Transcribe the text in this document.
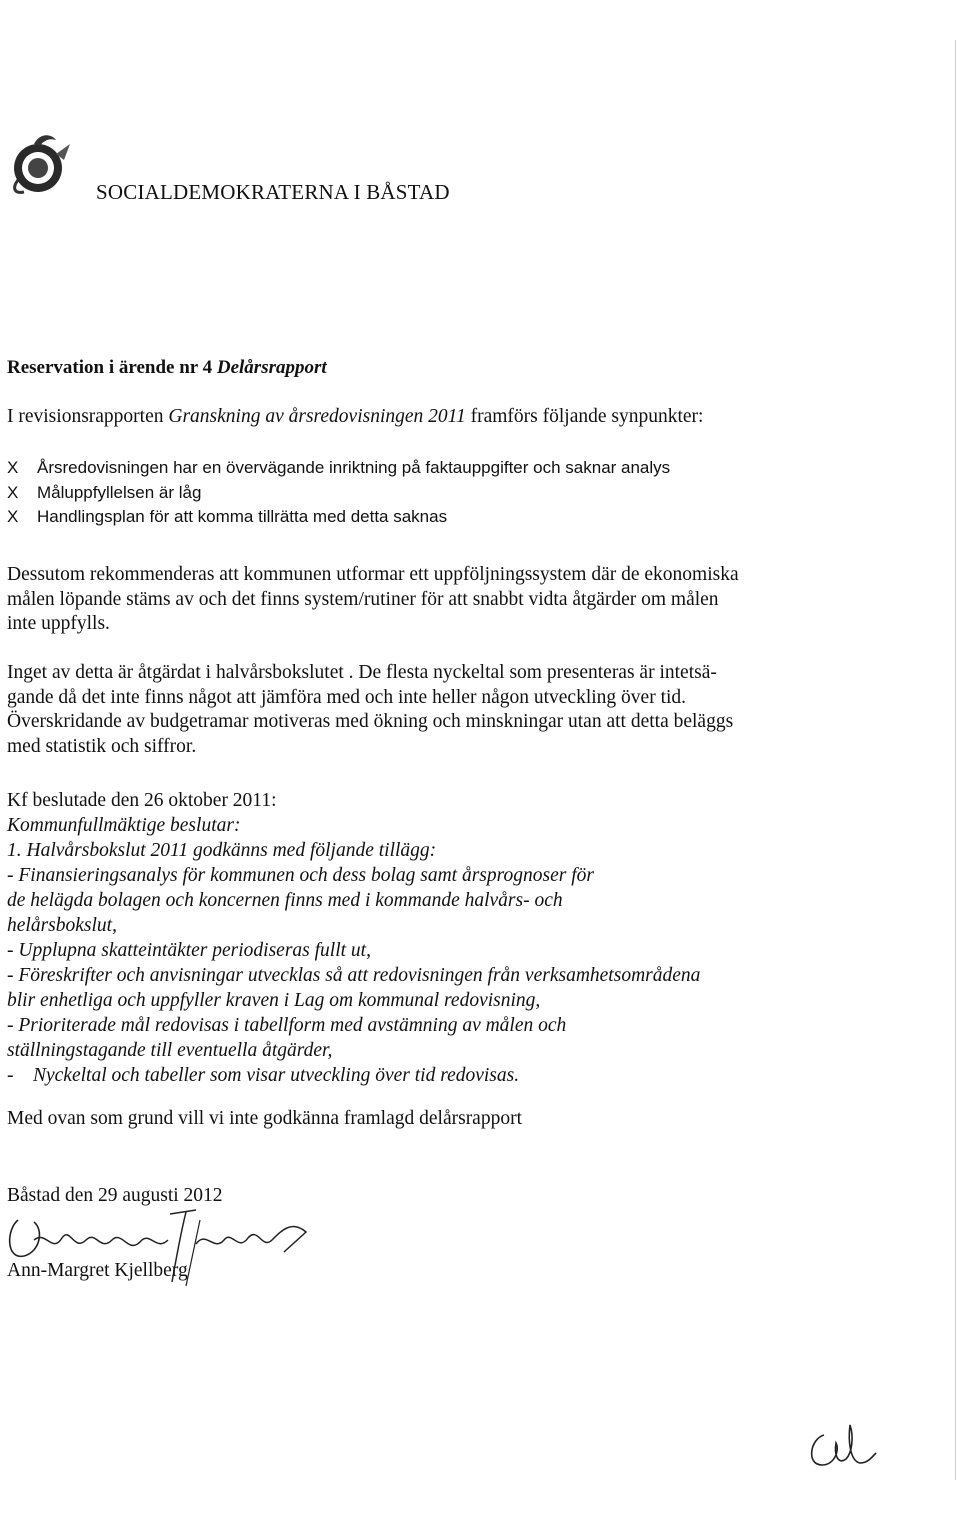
SOCIALDEMOKRATERNA I BÅSTAD
Reservation i ärende nr 4 Delårsrapport
I revisionsrapporten Granskning av årsredovisningen 2011 framförs följande synpunkter:
X Årsredovisningen har en övervägande inriktning på faktauppgifter och saknar analys
X Måluppfyllelsen är låg
X Handlingsplan för att komma tillrätta med detta saknas
Dessutom rekommenderas att kommunen utformar ett uppföljningssystem där de ekonomiska
målen löpande stäms av och det finns system/rutiner för att snabbt vidta åtgärder om målen
inte uppfylls.
Inget av detta är åtgärdat i halvårsbokslutet . De flesta nyckeltal som presenteras är intetsä-
gande då det inte finns något att jämföra med och inte heller någon utveckling över tid.
Överskridande av budgetramar motiveras med ökning och minskningar utan att detta beläggs
med statistik och siffror.
Kf beslutade den 26 oktober 2011:
Kommunfullmäktige beslutar:
1. Halvårsbokslut 2011 godkänns med följande tillägg:
- Finansieringsanalys för kommunen och dess bolag samt årsprognoser för
de helägda bolagen och koncernen finns med i kommande halvårs- och
helårsbokslut,
- Upplupna skatteintäkter periodiseras fullt ut,
- Föreskrifter och anvisningar utvecklas så att redovisningen från verksamhetsområdena
blir enhetliga och uppfyller kraven i Lag om kommunal redovisning,
- Prioriterade mål redovisas i tabellform med avstämning av målen och
ställningstagande till eventuella åtgärder,
-    Nyckeltal och tabeller som visar utveckling över tid redovisas.
Med ovan som grund vill vi inte godkänna framlagd delårsrapport
Båstad den 29 augusti 2012
Ann-Margret Kjellberg
